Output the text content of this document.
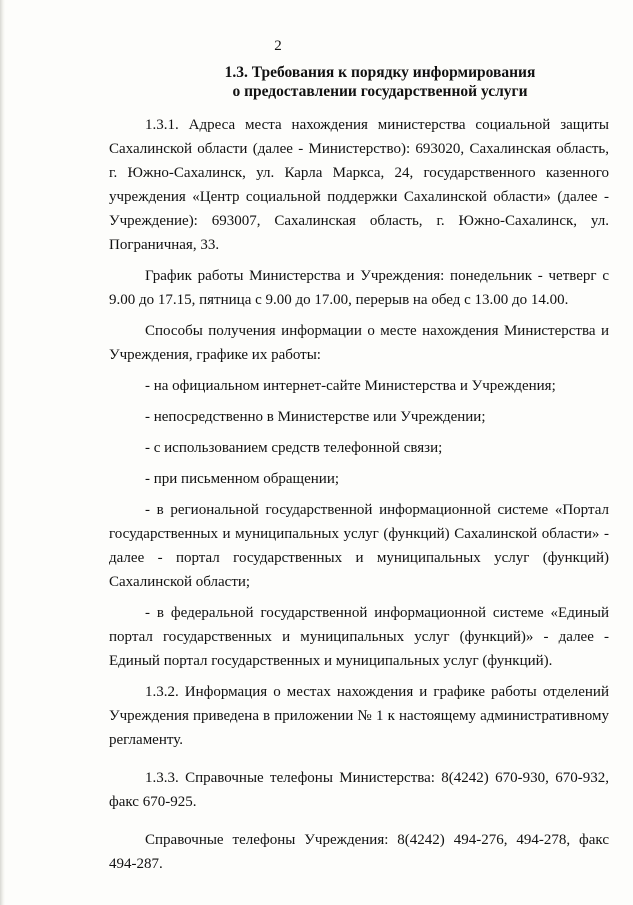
2
1.3. Требования к порядку информирования
о предоставлении государственной услуги

1.3.1. Адреса места нахождения министерства социальной защиты Сахалинской области (далее - Министерство): 693020, Сахалинская область, г. Южно-Сахалинск, ул. Карла Маркса, 24, государственного казенного учреждения «Центр социальной поддержки Сахалинской области» (далее - Учреждение): 693007, Сахалинская область, г. Южно-Сахалинск, ул. Пограничная, 33.

График работы Министерства и Учреждения: понедельник - четверг с 9.00 до 17.15, пятница с 9.00 до 17.00, перерыв на обед с 13.00 до 14.00.

Способы получения информации о месте нахождения Министерства и Учреждения, графике их работы:

- на официальном интернет-сайте Министерства и Учреждения;

- непосредственно в Министерстве или Учреждении;

- с использованием средств телефонной связи;

- при письменном обращении;

- в региональной государственной информационной системе «Портал государственных и муниципальных услуг (функций) Сахалинской области» - далее - портал государственных и муниципальных услуг (функций) Сахалинской области;

- в федеральной государственной информационной системе «Единый портал государственных и муниципальных услуг (функций)» - далее - Единый портал государственных и муниципальных услуг (функций).

1.3.2. Информация о местах нахождения и графике работы отделений Учреждения приведена в приложении № 1 к настоящему административному регламенту.

1.3.3. Справочные телефоны Министерства: 8(4242) 670-930, 670-932, факс 670-925.

Справочные телефоны Учреждения: 8(4242) 494-276, 494-278, факс 494-287.
